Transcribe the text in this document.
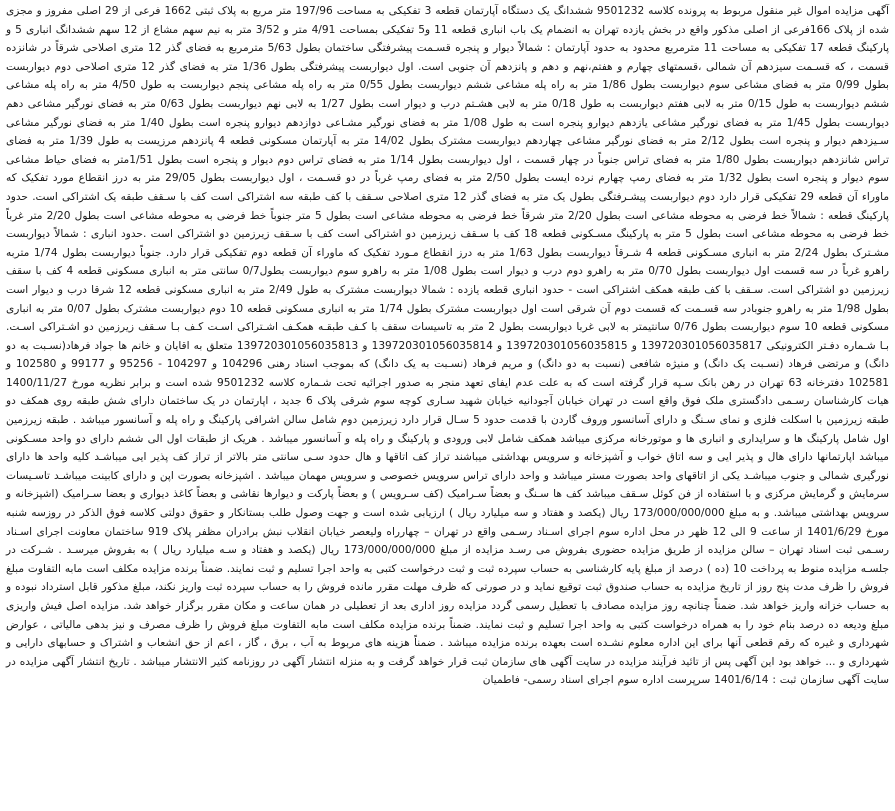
آگهی مزایده اموال غیر منقول مربوط به پرونده کلاسه 9501232 ششدانگ یک دستگاه آپارتمان قطعه 3 تفکیکی به مساحت 197/96 متر مربع به پلاک ثبتی 1662 فرعی از 29 اصلی مفروز و مجزی شده از پلاک 166فرعی از اصلی مذکور واقع در بخش یازده تهران به انضمام یک باب انباری قطعه 11 و5 تفکیکی بمساحت 4/91 متر و 3/52 متر به نیم سهم مشاع از 12 سهم ششدانگ انباری 5 و پارکینگ قطعه 17 تفکیکی به مساحت 11 مترمربع محدود به حدود آپارتمان : شمالاً دیوار و پنجره قسـمت پیشرفتگی ساختمان بطول 5/63 مترمربع به فضای گذر 12 متری اصلاحی شرقاً در شانزده قسمت ، که قسـمت سیزدهم آن شمالی ،قسمتهای چهارم و هفتم،نهم و دهم و پانزدهم آن جنوبی است. اول دیواربست پیشرفتگی بطول 1/36 متر به فضای گذر 12 متری اصلاحی دوم دیواربست بطول 0/99 متر به فضای مشاعی سوم دیواربست بطول 1/86 متر به راه پله مشاعی ششم دیواربست بطول 0/55 متر به راه پله مشاعی پنجم دیواربست به طول 4/50 متر به راه پله مشاعی ششم دیواربست به طول 0/15 متر به لابی هفتم دیواربست به طول 0/18 متر به لابی هشـتم درب و دیوار است بطول 1/27 به لابی نهم دیواربست بطول 0/63 متر به فضای نورگیر مشاعی دهم دیواربست بطول 1/45 متر به فضای نورگیر مشاعی یازدهم دیوارو پنجره است به طول 1/08 متر به فضای نورگیر مشـاعی دوازدهم دیوارو پنجره است بطول 1/40 متر به فضای نورگیر مشاعی سـیزدهم دیوار و پنجره است بطول 2/12 متر به فضای نورگیر مشاعی چهاردهم دیواربست مشترک بطول 14/02 متر به آپارتمان مسکونی قطعه 4 پانزدهم مرزیست به طول 1/39 متر به فضای تراس شانزدهم دیواربست بطول 1/80 متر به فضای تراس جنوباً در چهار قسمت ، اول دیواربست بطول 1/14 متر به فضای تراس دوم دیوار و پنجره است بطول 1/51متر به فضای حیاط مشاعی سوم دیوار و پنجره است بطول 1/32 متر به فضای رمپ چهارم نرده ایست بطول 2/50 متر به فضای رمپ غرباً در دو قسـمت ، اول دیواربست بطول 29/05 متر به درز انقطاع مورد تفکیک که ماوراء آن قطعه 29 تفکیکی قرار دارد دوم دیواربست پیشـرفتگی بطول یک متر به فضای گذر 12 متری اصلاحی سـقف با کف طبقه سه اشتراکی است کف با سـقف طبقه یک اشتراکی است. حدود پارکینگ قطعه : شمالاً خط فرضی به محوطه مشاعی است بطول 2/20 متر شرقاً خط فرضی به محوطه مشاعی است بطول 5 متر جنوباً خط فرضی به محوطه مشاعی است بطول 2/20 متر غرباً خط فرضی به محوطه مشاعی است بطول 5 متر به پارکینگ مسـکونی قطعه 18 کف با سـقف زیرزمین دو اشتراکی است کف با سـقف زیرزمین دو اشتراکی است .حدود انباری : شمالاً دیواربست مشـترک بطول 2/24 متر به انباری مسـکونی قطعه 4 شـرقاً دیواربست بطول 1/63 متر به درز انقطاع مـورد تفکیک که ماوراء آن قطعه دوم تفکیکی قرار دارد. جنوباً دیواربست بطول 1/74 متربه راهرو غرباً در سه قسمت اول دیواربست بطول 0/70 متر به راهرو دوم درب و دیوار است بطول 1/08 متر به راهرو سوم دیواربست بطول0/7 سانتی متر به انباری مسکونی قطعه 4 کف با سقف زیرزمین دو اشتراکی است. سـقف با کف طبقه همکف اشتراکی است - حدود انباری قطعه یازده : شمالا دیواربست مشترک به طول 2/49 متر به انباری مسکونی قطعه 12 شرقا درب و دیوار است بطول 1/98 متر به راهرو جنوبادر سه قسـمت که قسمت دوم آن شرقی است اول دیواربست مشترک بطول 1/74 متر به انباری مسکونی قطعه 10 دوم دیواربست مشترک بطول 0/07 متر به انباری مسکونی قطعه 10 سوم دیواربست بطول 0/76 سانتیمتر به لابی غربا دیواربست بطول 2 متر به تاسیسات سقف با کـف طبقـه همکـف اشـتراکی اسـت کـف بـا سـقف زیرزمین دو اشـتراکی اسـت. بـا شـماره دفـتر الکترونیکی 139720301056035817 و 139720301056035815 و 139720301056035814 و 139720301056035813 متعلق به اقایان و خانم ها جواد فرهاد(نسـبت به دو دانگ) و مرتضی فرهاد (نسـبت یک دانگ) و منیژه شافعی (نسبت به دو دانگ) و مریم فرهاد (نسـبت به یک دانگ) که بموجب اسناد رهنی 104296 و 104297 - 95256 و 99177 و 102580 و 102581 دفترخانه 63 تهران در رهن بانک سـپه قرار گرفته است که به علت عدم ایفای تعهد منجر به صدور اجرائیه تحت شـماره کلاسه 9501232 شده است و برابر نظریه مورخ 1400/11/27 هیات کارشناسان رسـمی دادگستری ملک فوق واقع است در تهران خیابان آجودانیه خیابان شهید سـاری کوچه سوم شرقی پلاک 6 جدید ، اپارتمان در یک ساختمان دارای شش طبقه روی همکف دو طبقه زیرزمین با اسکلت فلزی و نمای سـنگ و دارای آسانسور وروف گاردن با قدمت حدود 5 سـال قرار دارد زیرزمین دوم شامل سالن اشرافی پارکینگ و راه پله و آسانسور میباشد . طبقه زیرزمین اول شامل پارکینگ ها و سرایداری و انباری ها و موتورخانه مرکزی میباشد همکف شامل لابی ورودی و پارکینگ و راه پله و آسانسور میباشد . هریک از طبقات اول الی ششم دارای دو واحد مسـکونی میباشد اپارتمانها دارای هال و پذیر ایی و سه اتاق خواب و آشپزخانه و سرویس بهداشتی میباشند تراز کف اتاقها و هال حدود سـی سانتی متر بالاتر از تراز کف پذیر ایی میباشـد کلیه واحد ها دارای نورگیری شمالی و جنوب میباشـد یکی از اتاقهای واحد بصورت مستر میباشد و واحد دارای تراس سرویس خصوصی و سرویس مهمان میباشد . اشپزخانه بصورت اپن و دارای کابینت میباشـد تاسـیسات سرمایش و گرمایش مرکزی و با استفاده از فن کوئل سـقف میباشد کف ها سـنگ و بعضاً سـرامیک (کف سـرویس ) و بعضاً پارکت و دیوارها نقاشی و بعضاً کاغذ دیواری و بعضا سـرامیک (اشپزخانه و سرویس بهداشتی میباشد. و به مبلغ 173/000/000/000 ریال (یکصد و هفتاد و سه میلیارد ریال ) ارزیابی شده است و جهت وصول طلب بستانکار و حقوق دولتی کلاسه فوق الذکر در روزسه شنبه مورخ 1401/6/29 از ساعت 9 الی 12 ظهر در محل اداره سوم اجرای اسـناد رسـمی واقع در تهران – چهارراه ولیعصر خیابان انقلاب نبش برادران مظفر پلاک 919 ساختمان معاونت اجرای اسـناد رسـمی ثبت اسناد تهران – سالن مزایده از طریق مزایده حضوری بفروش می رسـد مزایده از مبلغ 173/000/000/000 ریال (یکصد و هفتاد و سـه میلیارد ریال ) به بفروش میرسـد . شـرکت در جلسـه مزایده منوط به پرداخت 10 (ده ) درصد از مبلغ پایه کارشناسی به حساب سپرده ثبت و ثبت درخواست کتبی به واحد اجرا تسلیم و ثبت نمایند. ضمناً برنده مزایده مکلف است مابه التفاوت مبلغ فروش را ظرف مدت پنج روز از تاریخ مزایده به حساب صندوق ثبت توقیع نماید و در صورتی که ظرف مهلت مقرر مانده فروش را به حساب سپرده ثبت واریز نکند، مبلغ مذکور قابل استرداد نبوده و به حساب خزانه واریز خواهد شد. ضمناً چنانچه روز مزایده مصادف با تعطیل رسمی گردد مزایده روز اداری بعد از تعطیلی در همان ساعت و مکان مقرر برگزار خواهد شد. مزایده اصل فیش واریزی مبلغ ودیعه ده درصد بنام خود را به همراه درخواست کتبی به واحد اجرا تسلیم و ثبت نمایند. ضمناً برنده مزایده مکلف است مابه التفاوت مبلغ فروش را ظرف مصرف و نیز بدهی مالیاتی ، عوارض شهرداری و غیره که رقم قطعی آنها برای این اداره معلوم نشـده است بعهده برنده مزایده میباشد . ضمناً هزینه های مربوط به آب ، برق ، گاز ، اعم از حق انشعاب و اشتراک و حسابهای دارایی و شهرداری و ... خواهد بود این آگهی پس از تائید فرآیند مزایده در سایت آگهی های سازمان ثبت قرار خواهد گرفت و به منزله انتشار آگهی در روزنامه کثیر الانتشار میباشد . تاریخ انتشار آگهی مزایده در سایت آگهی سازمان ثبت : 1401/6/14 سرپرست اداره سوم اجرای اسناد رسمی- فاطمیان
